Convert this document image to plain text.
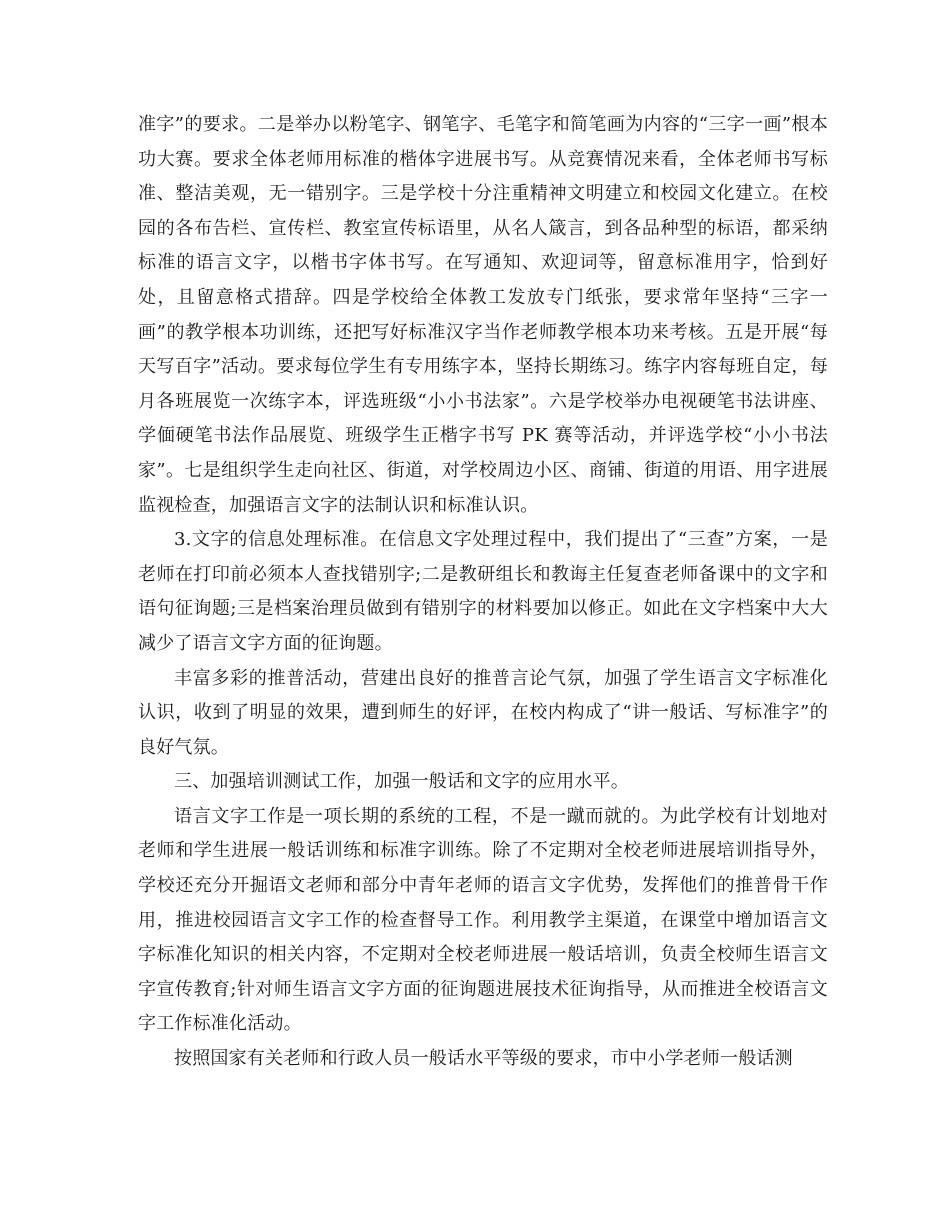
准字”的要求。二是举办以粉笔字、钢笔字、毛笔字和简笔画为内容的“三字一画”根本功大赛。要求全体老师用标准的楷体字进展书写。从竞赛情况来看，全体老师书写标准、整洁美观，无一错别字。三是学校十分注重精神文明建立和校园文化建立。在校园的各布告栏、宣传栏、教室宣传标语里，从名人箴言，到各品种型的标语，都采纳标准的语言文字，以楷书字体书写。在写通知、欢迎词等，留意标准用字，恰到好处，且留意格式措辞。四是学校给全体教工发放专门纸张，要求常年坚持“三字一画”的教学根本功训练，还把写好标准汉字当作老师教学根本功来考核。五是开展“每天写百字”活动。要求每位学生有专用练字本，坚持长期练习。练字内容每班自定，每月各班展览一次练字本，评选班级“小小书法家”。六是学校举办电视硬笔书法讲座、学偭硬笔书法作品展览、班级学生正楷字书写 PK 赛等活动，并评选学校“小小书法家”。七是组织学生走向社区、街道，对学校周边小区、商铺、街道的用语、用字进展监视检查，加强语言文字的法制认识和标准认识。

3.文字的信息处理标准。在信息文字处理过程中，我们提出了“三查”方案，一是老师在打印前必须本人查找错别字;二是教研组长和教诲主任复查老师备课中的文字和语句征询题;三是档案治理员做到有错别字的材料要加以修正。如此在文字档案中大大减少了语言文字方面的征询题。

丰富多彩的推普活动，营建出良好的推普言论气氛，加强了学生语言文字标准化认识，收到了明显的效果，遭到师生的好评，在校内构成了“讲一般话、写标准字”的良好气氛。

三、加强培训测试工作，加强一般话和文字的应用水平。

语言文字工作是一项长期的系统的工程，不是一蹴而就的。为此学校有计划地对老师和学生进展一般话训练和标准字训练。除了不定期对全校老师进展培训指导外，学校还充分开掘语文老师和部分中青年老师的语言文字优势，发挥他们的推普骨干作用，推进校园语言文字工作的检查督导工作。利用教学主渠道，在课堂中增加语言文字标准化知识的相关内容，不定期对全校老师进展一般话培训，负责全校师生语言文字宣传教育;针对师生语言文字方面的征询题进展技术征询指导，从而推进全校语言文字工作标准化活动。

按照国家有关老师和行政人员一般话水平等级的要求，市中小学老师一般话测
